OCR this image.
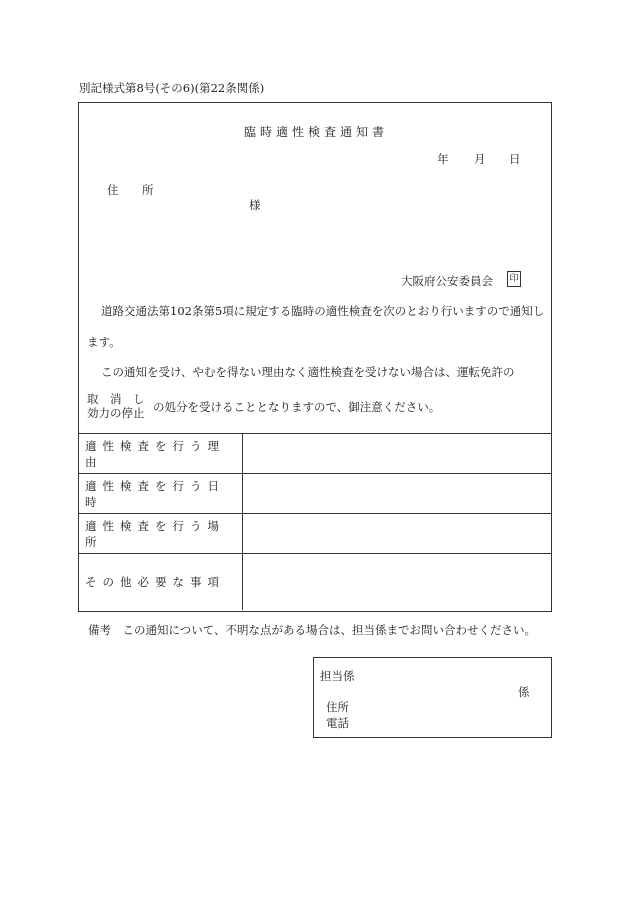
別記様式第8号(その6)(第22条関係)
臨時適性検査通知書
年 月 日
住　所
様
大阪府公安委員会 印
道路交通法第102条第5項に規定する臨時の適性検査を次のとおり行いますので通知し
ます。
この通知を受け、やむを得ない理由なく適性検査を受けない場合は、運転免許の
取　消　し
効力の停止 の処分を受けることとなりますので、御注意ください。
適性検査を行う理由
適性検査を行う日時
適性検査を行う場所
その他必要な事項
備考　この通知について、不明な点がある場合は、担当係までお問い合わせください。
担当係
係
住所
電話
